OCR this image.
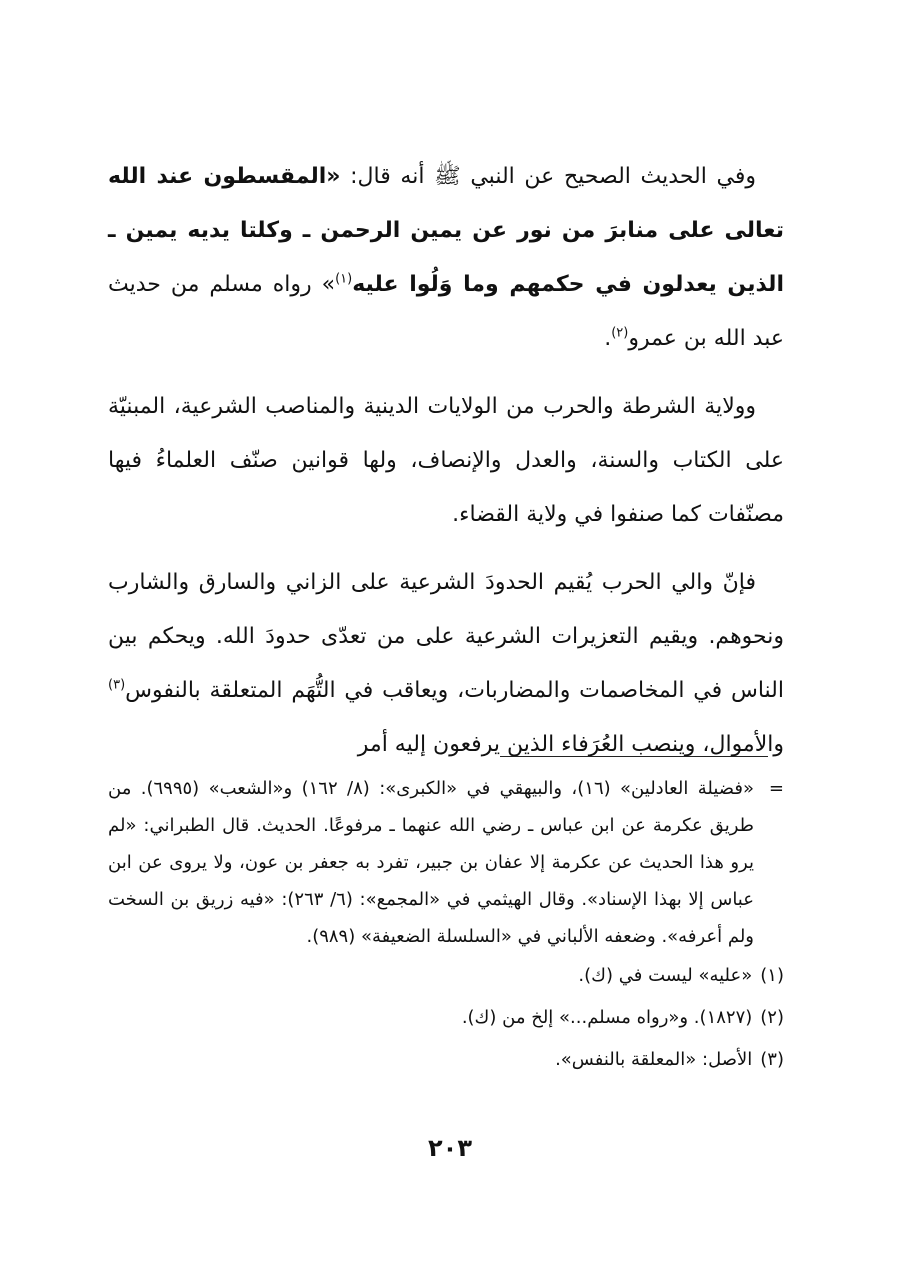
وفي الحديث الصحيح عن النبي ﷺ أنه قال: «المقسطون عند الله تعالى على منابرَ من نور عن يمين الرحمن ـ وكلتا يديه يمين ـ الذين يعدلون في حكمهم وما وَلُوا عليه$^{(١)}$» رواه مسلم من حديث عبد الله بن عمرو$^{(٢)}$.

وولاية الشرطة والحرب من الولايات الدينية والمناصب الشرعية، المبنيّة على الكتاب والسنة، والعدل والإنصاف، ولها قوانين صنّف العلماءُ فيها مصنّفات كما صنفوا في ولاية القضاء.

فإنّ والي الحرب يُقيم الحدودَ الشرعية على الزاني والسارق والشارب ونحوهم. ويقيم التعزيرات الشرعية على من تعدّى حدودَ الله. ويحكم بين الناس في المخاصمات والمضاربات، ويعاقب في التُّهَم المتعلقة بالنفوس$^{(٣)}$ والأموال، وينصب العُرَفاء الذين يرفعون إليه أمر

=
«فضيلة العادلين» (١٦)، والبيهقي في «الكبرى»: (٨/ ١٦٢) و«الشعب» (٦٩٩٥). من طريق عكرمة عن ابن عباس ـ رضي الله عنهما ـ مرفوعًا. الحديث. قال الطبراني: «لم يرو هذا الحديث عن عكرمة إلا عفان بن جبير، تفرد به جعفر بن عون، ولا يروى عن ابن عباس إلا بهذا الإسناد». وقال الهيثمي في «المجمع»: (٦/ ٢٦٣): «فيه زريق بن السخت ولم أعرفه». وضعفه الألباني في «السلسلة الضعيفة» (٩٨٩).
(١)«عليه» ليست في (ك).
(٢)(١٨٢٧). و«رواه مسلم...» إلخ من (ك).
(٣)الأصل: «المعلقة بالنفس».
٢٠٣
